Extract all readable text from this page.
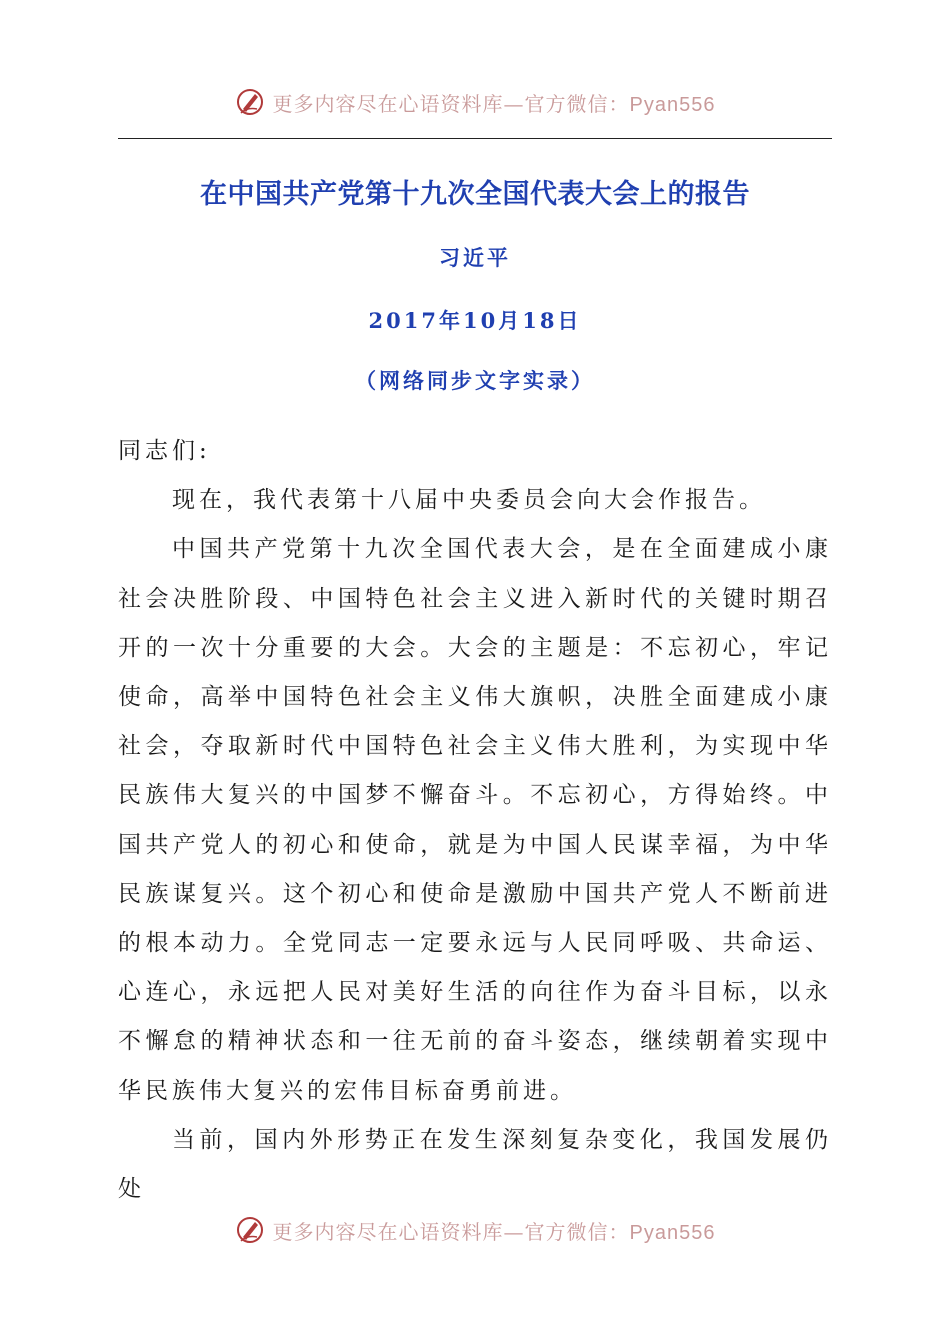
更多内容尽在心语资料库—官方微信：Pyan556
在中国共产党第十九次全国代表大会上的报告
习近平
2017年10月18日
（网络同步文字实录）

同志们:

现在，我代表第十八届中央委员会向大会作报告。

中国共产党第十九次全国代表大会，是在全面建成小康社会决胜阶段、中国特色社会主义进入新时代的关键时期召开的一次十分重要的大会。大会的主题是：不忘初心，牢记使命，高举中国特色社会主义伟大旗帜，决胜全面建成小康社会，夺取新时代中国特色社会主义伟大胜利，为实现中华民族伟大复兴的中国梦不懈奋斗。不忘初心，方得始终。中国共产党人的初心和使命，就是为中国人民谋幸福，为中华民族谋复兴。这个初心和使命是激励中国共产党人不断前进的根本动力。全党同志一定要永远与人民同呼吸、共命运、心连心，永远把人民对美好生活的向往作为奋斗目标，以永不懈怠的精神状态和一往无前的奋斗姿态，继续朝着实现中华民族伟大复兴的宏伟目标奋勇前进。

当前，国内外形势正在发生深刻复杂变化，我国发展仍处

更多内容尽在心语资料库—官方微信：Pyan556
